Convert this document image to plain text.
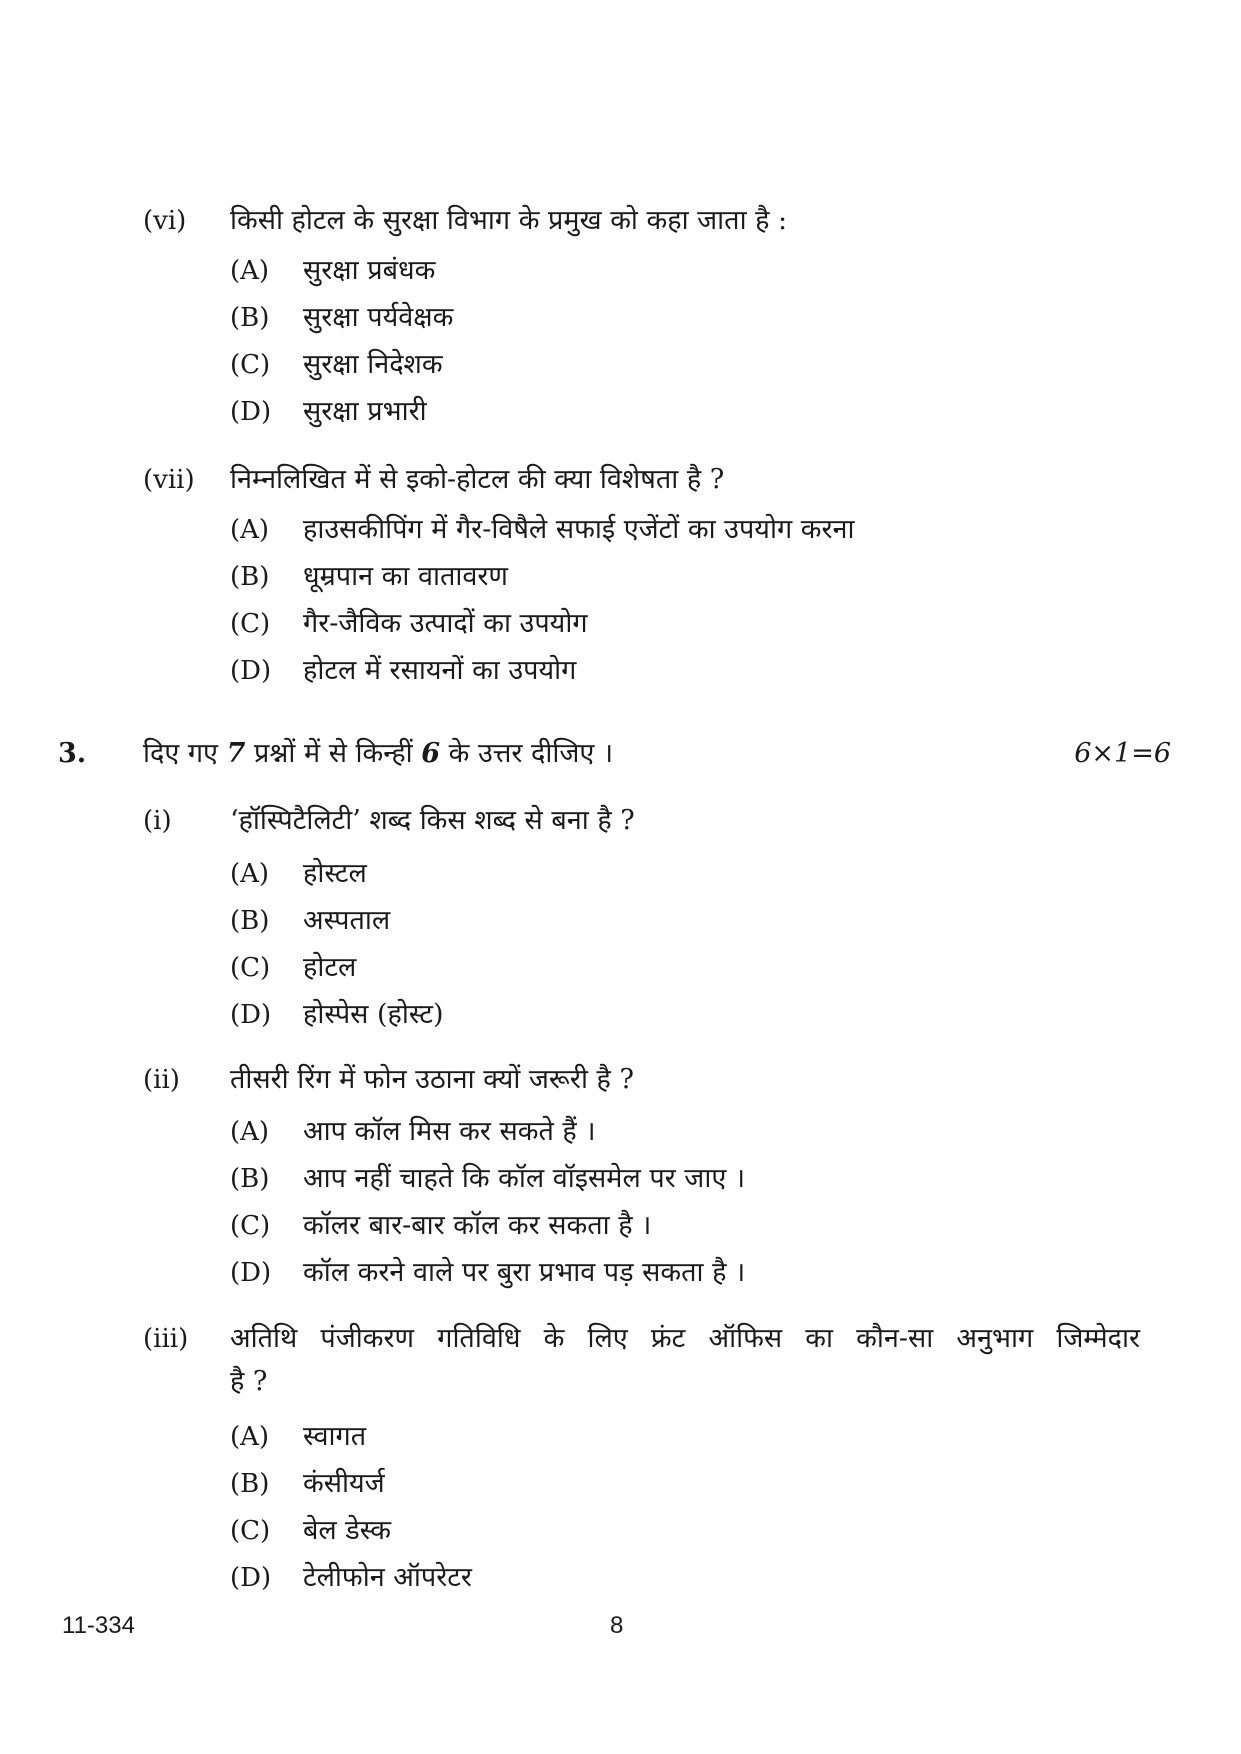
(vi) किसी होटल के सुरक्षा विभाग के प्रमुख को कहा जाता है :
(A) सुरक्षा प्रबंधक
(B) सुरक्षा पर्यवेक्षक
(C) सुरक्षा निदेशक
(D) सुरक्षा प्रभारी
(vii) निम्नलिखित में से इको-होटल की क्या विशेषता है ?
(A) हाउसकीपिंग में गैर-विषैले सफाई एजेंटों का उपयोग करना
(B) धूम्रपान का वातावरण
(C) गैर-जैविक उत्पादों का उपयोग
(D) होटल में रसायनों का उपयोग
3. दिए गए 7 प्रश्नों में से किन्हीं 6 के उत्तर दीजिए ।	6×1=6
(i) ‘हॉस्पिटैलिटी’ शब्द किस शब्द से बना है ?
(A) होस्टल
(B) अस्पताल
(C) होटल
(D) होस्पेस (होस्ट)
(ii) तीसरी रिंग में फोन उठाना क्यों जरूरी है ?
(A) आप कॉल मिस कर सकते हैं ।
(B) आप नहीं चाहते कि कॉल वॉइसमेल पर जाए ।
(C) कॉलर बार-बार कॉल कर सकता है ।
(D) कॉल करने वाले पर बुरा प्रभाव पड़ सकता है ।
(iii) अतिथि पंजीकरण गतिविधि के लिए फ्रंट ऑफिस का कौन-सा अनुभाग जिम्मेदार
है ?
(A) स्वागत
(B) कंसीयर्ज
(C) बेल डेस्क
(D) टेलीफोन ऑपरेटर
11-334	8
